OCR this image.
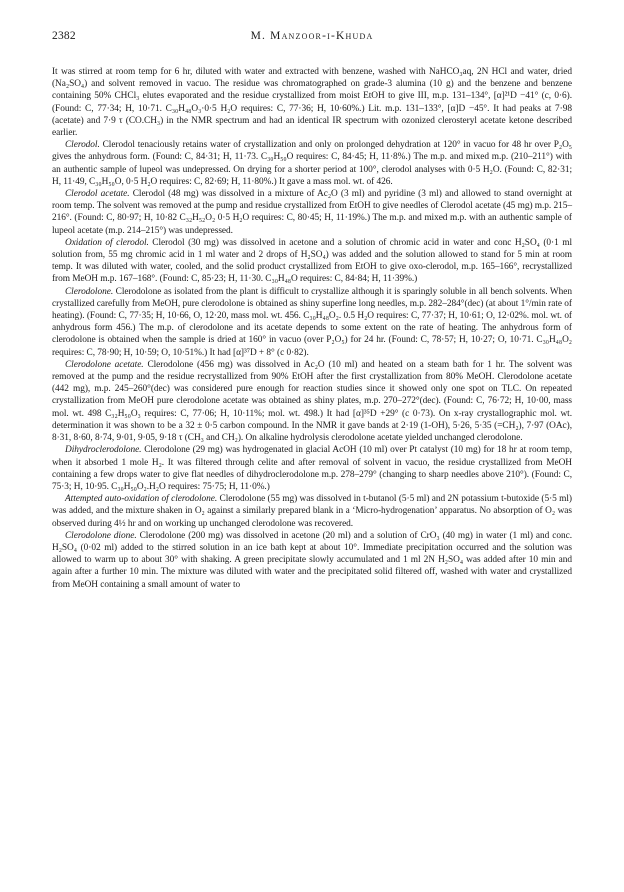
2382	M. Manzoor-i-Khuda

It was stirred at room temp for 6 hr, diluted with water and extracted with benzene, washed with NaHCO₃aq, 2N HCl and water, dried (Na₂SO₄) and solvent removed in vacuo. The residue was chromatographed on grade-3 alumina (10 g) and the benzene and benzene containing 50% CHCl₃ elutes evaporated and the residue crystallized from moist EtOH to give III, m.p. 131–134°, [α]²¹D −41° (c, 0·6). (Found: C, 77·34; H, 10·71. C₃₀H₄₈O₃·0·5 H₂O requires: C, 77·36; H, 10·60%.) Lit. m.p. 131–133°, [α]D −45°. It had peaks at 7·98 (acetate) and 7·9 τ (CO.CH₃) in the NMR spectrum and had an identical IR spectrum with ozonized clerosteryl acetate ketone described earlier.

Clerodol. Clerodol tenaciously retains water of crystallization and only on prolonged dehydration at 120° in vacuo for 48 hr over P₂O₅ gives the anhydrous form. (Found: C, 84·31; H, 11·73. C₃₀H₅₀O requires: C, 84·45; H, 11·8%.) The m.p. and mixed m.p. (210–211°) with an authentic sample of lupeol was undepressed. On drying for a shorter period at 100°, clerodol analyses with 0·5 H₂O. (Found: C, 82·31; H, 11·49, C₃₀H₅₀O, 0·5 H₂O requires: C, 82·69; H, 11·80%.) It gave a mass mol. wt. of 426.

Clerodol acetate. Clerodol (48 mg) was dissolved in a mixture of Ac₂O (3 ml) and pyridine (3 ml) and allowed to stand overnight at room temp. The solvent was removed at the pump and residue crystallized from EtOH to give needles of Clerodol acetate (45 mg) m.p. 215–216°. (Found: C, 80·97; H, 10·82 C₃₂H₅₂O₂ 0·5 H₂O requires: C, 80·45; H, 11·19%.) The m.p. and mixed m.p. with an authentic sample of lupeol acetate (m.p. 214–215°) was undepressed.

Oxidation of clerodol. Clerodol (30 mg) was dissolved in acetone and a solution of chromic acid in water and conc H₂SO₄ (0·1 ml solution from, 55 mg chromic acid in 1 ml water and 2 drops of H₂SO₄) was added and the solution allowed to stand for 5 min at room temp. It was diluted with water, cooled, and the solid product crystallized from EtOH to give oxo-clerodol, m.p. 165–166°, recrystallized from MeOH m.p. 167–168°. (Found: C, 85·23; H, 11·30. C₃₀H₄₈O requires: C, 84·84; H, 11·39%.)

Clerodolone. Clerodolone as isolated from the plant is difficult to crystallize although it is sparingly soluble in all bench solvents. When crystallized carefully from MeOH, pure clerodolone is obtained as shiny superfine long needles, m.p. 282–284°(dec) (at about 1°/min rate of heating). (Found: C, 77·35; H, 10·66, O, 12·20, mass mol. wt. 456. C₃₀H₄₈O₂. 0.5 H₂O requires: C, 77·37; H, 10·61; O, 12·02%. mol. wt. of anhydrous form 456.) The m.p. of clerodolone and its acetate depends to some extent on the rate of heating. The anhydrous form of clerodolone is obtained when the sample is dried at 160° in vacuo (over P₂O₅) for 24 hr. (Found: C, 78·57; H, 10·27; O, 10·71. C₃₀H₄₈O₂ requires: C, 78·90; H, 10·59; O, 10·51%.) It had [α]³⁷D + 8° (c 0·82).

Clerodolone acetate. Clerodolone (456 mg) was dissolved in Ac₂O (10 ml) and heated on a steam bath for 1 hr. The solvent was removed at the pump and the residue recrystallized from 90% EtOH after the first crystallization from 80% MeOH. Clerodolone acetate (442 mg), m.p. 245–260°(dec) was considered pure enough for reaction studies since it showed only one spot on TLC. On repeated crystallization from MeOH pure clerodolone acetate was obtained as shiny plates, m.p. 270–272°(dec). (Found: C, 76·72; H, 10·00, mass mol. wt. 498 C₃₂H₅₀O₃ requires: C, 77·06; H, 10·11%; mol. wt. 498.) It had [α]³⁵D +29° (c 0·73). On x-ray crystallographic mol. wt. determination it was shown to be a 32 ± 0·5 carbon compound. In the NMR it gave bands at 2·19 (1-OH), 5·26, 5·35 (=CH₂), 7·97 (OAc), 8·31, 8·60, 8·74, 9·01, 9·05, 9·18 τ (CH₃ and CH₂). On alkaline hydrolysis clerodolone acetate yielded unchanged clerodolone.

Dihydroclerodolone. Clerodolone (29 mg) was hydrogenated in glacial AcOH (10 ml) over Pt catalyst (10 mg) for 18 hr at room temp, when it absorbed 1 mole H₂. It was filtered through celite and after removal of solvent in vacuo, the residue crystallized from MeOH containing a few drops water to give flat needles of dihydroclerodolone m.p. 278–279° (changing to sharp needles above 210°). (Found: C, 75·3; H, 10·95. C₃₀H₅₀O₂.H₂O requires: 75·75; H, 11·0%.)

Attempted auto-oxidation of clerodolone. Clerodolone (55 mg) was dissolved in t-butanol (5·5 ml) and 2N potassium t-butoxide (5·5 ml) was added, and the mixture shaken in O₂ against a similarly prepared blank in a ‘Micro-hydrogenation’ apparatus. No absorption of O₂ was observed during 4½ hr and on working up unchanged clerodolone was recovered.

Clerodolone dione. Clerodolone (200 mg) was dissolved in acetone (20 ml) and a solution of CrO₃ (40 mg) in water (1 ml) and conc. H₂SO₄ (0·02 ml) added to the stirred solution in an ice bath kept at about 10°. Immediate precipitation occurred and the solution was allowed to warm up to about 30° with shaking. A green precipitate slowly accumulated and 1 ml 2N H₂SO₄ was added after 10 min and again after a further 10 min. The mixture was diluted with water and the precipitated solid filtered off, washed with water and crystallized from MeOH containing a small amount of water to
